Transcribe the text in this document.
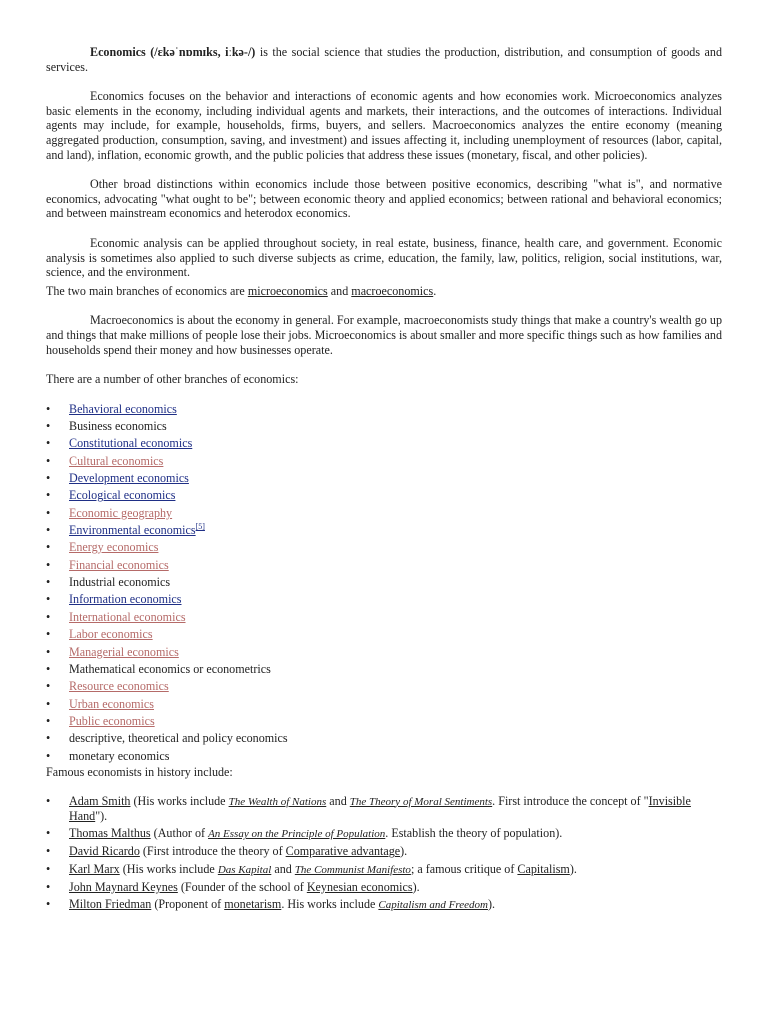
Economics (/ɛkəˈnɒmɪks, iːkə-/) is the social science that studies the production, distribution, and consumption of goods and services.

Economics focuses on the behavior and interactions of economic agents and how economies work. Microeconomics analyzes basic elements in the economy, including individual agents and markets, their interactions, and the outcomes of interactions. Individual agents may include, for example, households, firms, buyers, and sellers. Macroeconomics analyzes the entire economy (meaning aggregated production, consumption, saving, and investment) and issues affecting it, including unemployment of resources (labor, capital, and land), inflation, economic growth, and the public policies that address these issues (monetary, fiscal, and other policies).

Other broad distinctions within economics include those between positive economics, describing "what is", and normative economics, advocating "what ought to be"; between economic theory and applied economics; between rational and behavioral economics; and between mainstream economics and heterodox economics.

Economic analysis can be applied throughout society, in real estate, business, finance, health care, and government. Economic analysis is sometimes also applied to such diverse subjects as crime, education, the family, law, politics, religion, social institutions, war, science, and the environment.

The two main branches of economics are microeconomics and macroeconomics.

Macroeconomics is about the economy in general. For example, macroeconomists study things that make a country's wealth go up and things that make millions of people lose their jobs. Microeconomics is about smaller and more specific things such as how families and households spend their money and how businesses operate.

There are a number of other branches of economics:

• Behavioral economics
• Business economics
• Constitutional economics
• Cultural economics
• Development economics
• Ecological economics
• Economic geography
• Environmental economics[5]
• Energy economics
• Financial economics
• Industrial economics
• Information economics
• International economics
• Labor economics
• Managerial economics
• Mathematical economics or econometrics
• Resource economics
• Urban economics
• Public economics
• descriptive, theoretical and policy economics
• monetary economics

Famous economists in history include:

• Adam Smith (His works include The Wealth of Nations and The Theory of Moral Sentiments. First introduce the concept of "Invisible Hand").
• Thomas Malthus (Author of An Essay on the Principle of Population. Establish the theory of population).
• David Ricardo (First introduce the theory of Comparative advantage).
• Karl Marx (His works include Das Kapital and The Communist Manifesto; a famous critique of Capitalism).
• John Maynard Keynes (Founder of the school of Keynesian economics).
• Milton Friedman (Proponent of monetarism. His works include Capitalism and Freedom).
